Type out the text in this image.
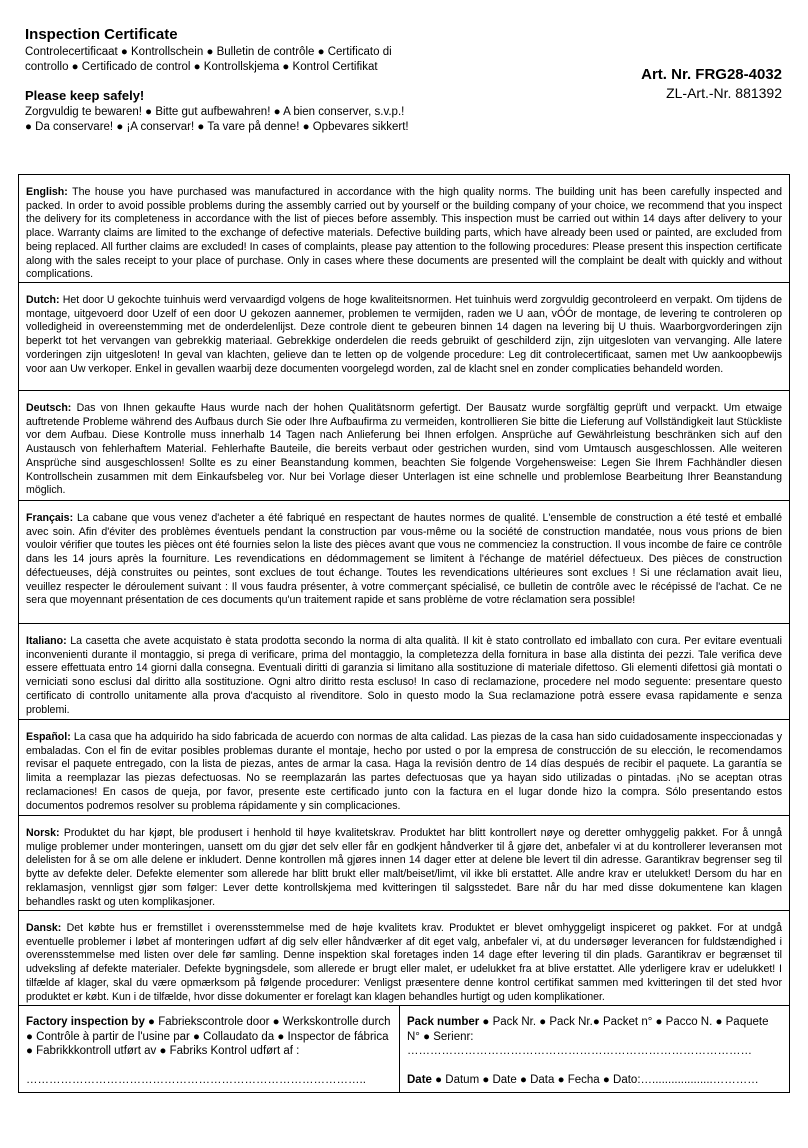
Inspection Certificate
Controlecertificaat ● Kontrollschein ● Bulletin de contrôle ● Certificato di controllo ● Certificado de control ● Kontrollskjema ● Kontrol Certifikat
Please keep safely!
Zorgvuldig te bewaren! ● Bitte gut aufbewahren! ● A bien conserver, s.v.p.! ● Da conservare! ● ¡A conservar! ● Ta vare på denne! ● Opbevares sikkert!
Art. Nr. FRG28-4032
ZL-Art.-Nr. 881392
English: The house you have purchased was manufactured in accordance with the high quality norms. The building unit has been carefully inspected and packed. In order to avoid possible problems during the assembly carried out by yourself or the building company of your choice, we recommend that you inspect the delivery for its completeness in accordance with the list of pieces before assembly. This inspection must be carried out within 14 days after delivery to your place. Warranty claims are limited to the exchange of defective materials. Defective building parts, which have already been used or painted, are excluded from being replaced. All further claims are excluded! In cases of complaints, please pay attention to the following procedures: Please present this inspection certificate along with the sales receipt to your place of purchase. Only in cases where these documents are presented will the complaint be dealt with quickly and without complications.
Dutch: Het door U gekochte tuinhuis werd vervaardigd volgens de hoge kwaliteitsnormen. Het tuinhuis werd zorgvuldig gecontroleerd en verpakt. Om tijdens de montage, uitgevoerd door Uzelf of een door U gekozen aannemer, problemen te vermijden, raden we U aan, vÓÓr de montage, de levering te controleren op volledigheid in overeenstemming met de onderdelenlijst. Deze controle dient te gebeuren binnen 14 dagen na levering bij U thuis. Waarborgvorderingen zijn beperkt tot het vervangen van gebrekkig materiaal. Gebrekkige onderdelen die reeds gebruikt of geschilderd zijn, zijn uitgesloten van vervanging. Alle latere vorderingen zijn uitgesloten! In geval van klachten, gelieve dan te letten op de volgende procedure: Leg dit controlecertificaat, samen met Uw aankoopbewijs voor aan Uw verkoper. Enkel in gevallen waarbij deze documenten voorgelegd worden, zal de klacht snel en zonder complicaties behandeld worden.
Deutsch: Das von Ihnen gekaufte Haus wurde nach der hohen Qualitätsnorm gefertigt. Der Bausatz wurde sorgfältig geprüft und verpackt. Um etwaige auftretende Probleme während des Aufbaus durch Sie oder Ihre Aufbaufirma zu vermeiden, kontrollieren Sie bitte die Lieferung auf Vollständigkeit laut Stückliste vor dem Aufbau. Diese Kontrolle muss innerhalb 14 Tagen nach Anlieferung bei Ihnen erfolgen. Ansprüche auf Gewährleistung beschränken sich auf den Austausch von fehlerhaftem Material. Fehlerhafte Bauteile, die bereits verbaut oder gestrichen wurden, sind vom Umtausch ausgeschlossen. Alle weiteren Ansprüche sind ausgeschlossen! Sollte es zu einer Beanstandung kommen, beachten Sie folgende Vorgehensweise: Legen Sie Ihrem Fachhändler diesen Kontrollschein zusammen mit dem Einkaufsbeleg vor. Nur bei Vorlage dieser Unterlagen ist eine schnelle und problemlose Bearbeitung Ihrer Beanstandung möglich.
Français: La cabane que vous venez d'acheter a été fabriqué en respectant de hautes normes de qualité. L'ensemble de construction a été testé et emballé avec soin. Afin d'éviter des problèmes éventuels pendant la construction par vous-même ou la société de construction mandatée, nous vous prions de bien vouloir vérifier que toutes les pièces ont été fournies selon la liste des pièces avant que vous ne commenciez la construction. Il vous incombe de faire ce contrôle dans les 14 jours après la fourniture. Les revendications en dédommagement se limitent à l'échange de matériel défectueux. Des pièces de construction défectueuses, déjà construites ou peintes, sont exclues de tout échange. Toutes les revendications ultérieures sont exclues ! Si une réclamation avait lieu, veuillez respecter le déroulement suivant : Il vous faudra présenter, à votre commerçant spécialisé, ce bulletin de contrôle avec le récépissé de l'achat. Ce ne sera que moyennant présentation de ces documents qu'un traitement rapide et sans problème de votre réclamation sera possible!
Italiano: La casetta che avete acquistato è stata prodotta secondo la norma di alta qualità. Il kit è stato controllato ed imballato con cura. Per evitare eventuali inconvenienti durante il montaggio, si prega di verificare, prima del montaggio, la completezza della fornitura in base alla distinta dei pezzi. Tale verifica deve essere effettuata entro 14 giorni dalla consegna. Eventuali diritti di garanzia si limitano alla sostituzione di materiale difettoso. Gli elementi difettosi già montati o verniciati sono esclusi dal diritto alla sostituzione. Ogni altro diritto resta escluso! In caso di reclamazione, procedere nel modo seguente: presentare questo certificato di controllo unitamente alla prova d'acquisto al rivenditore. Solo in questo modo la Sua reclamazione potrà essere evasa rapidamente e senza problemi.
Español: La casa que ha adquirido ha sido fabricada de acuerdo con normas de alta calidad. Las piezas de la casa han sido cuidadosamente inspeccionadas y embaladas. Con el fin de evitar posibles problemas durante el montaje, hecho por usted o por la empresa de construcción de su elección, le recomendamos revisar el paquete entregado, con la lista de piezas, antes de armar la casa. Haga la revisión dentro de 14 días después de recibir el paquete. La garantía se limita a reemplazar las piezas defectuosas. No se reemplazarán las partes defectuosas que ya hayan sido utilizadas o pintadas. ¡No se aceptan otras reclamaciones! En casos de queja, por favor, presente este certificado junto con la factura en el lugar donde hizo la compra. Sólo presentando estos documentos podremos resolver su problema rápidamente y sin complicaciones.
Norsk: Produktet du har kjøpt, ble produsert i henhold til høye kvalitetskrav. Produktet har blitt kontrollert nøye og deretter omhyggelig pakket. For å unngå mulige problemer under monteringen, uansett om du gjør det selv eller får en godkjent håndverker til å gjøre det, anbefaler vi at du kontrollerer leveransen mot delelisten for å se om alle delene er inkludert. Denne kontrollen må gjøres innen 14 dager etter at delene ble levert til din adresse. Garantikrav begrenser seg til bytte av defekte deler. Defekte elementer som allerede har blitt brukt eller malt/beiset/limt, vil ikke bli erstattet. Alle andre krav er utelukket! Dersom du har en reklamasjon, vennligst gjør som følger: Lever dette kontrollskjema med kvitteringen til salgsstedet. Bare når du har med disse dokumentene kan klagen behandles raskt og uten komplikasjoner.
Dansk: Det købte hus er fremstillet i overensstemmelse med de høje kvalitets krav. Produktet er blevet omhyggeligt inspiceret og pakket. For at undgå eventuelle problemer i løbet af monteringen udført af dig selv eller håndværker af dit eget valg, anbefaler vi, at du undersøger leverancen for fuldstændighed i overensstemmelse med listen over dele før samling. Denne inspektion skal foretages inden 14 dage efter levering til din plads. Garantikrav er begrænset til udveksling af defekte materialer. Defekte bygningsdele, som allerede er brugt eller malet, er udelukket fra at blive erstattet. Alle yderligere krav er udelukket! I tilfælde af klager, skal du være opmærksom på følgende procedurer: Venligst præsentere denne kontrol certifikat sammen med kvitteringen til det sted hvor produktet er købt. Kun i de tilfælde, hvor disse dokumenter er forelagt kan klagen behandles hurtigt og uden komplikationer.
Factory inspection by ● Fabriekscontrole door ● Werkskontrolle durch ● Contrôle à partir de l'usine par ● Collaudato da ● Inspector de fábrica ● Fabrikkkontroll utført av ● Fabriks Kontrol udført af :
……………………………………………………………………………..
Pack number ● Pack Nr. ● Pack Nr.● Packet n° ● Pacco N. ● Paquete N° ● Serienr:
………………………………………………………………………………
Date ● Datum ● Date ● Data ● Fecha ● Dato:…...................…………
